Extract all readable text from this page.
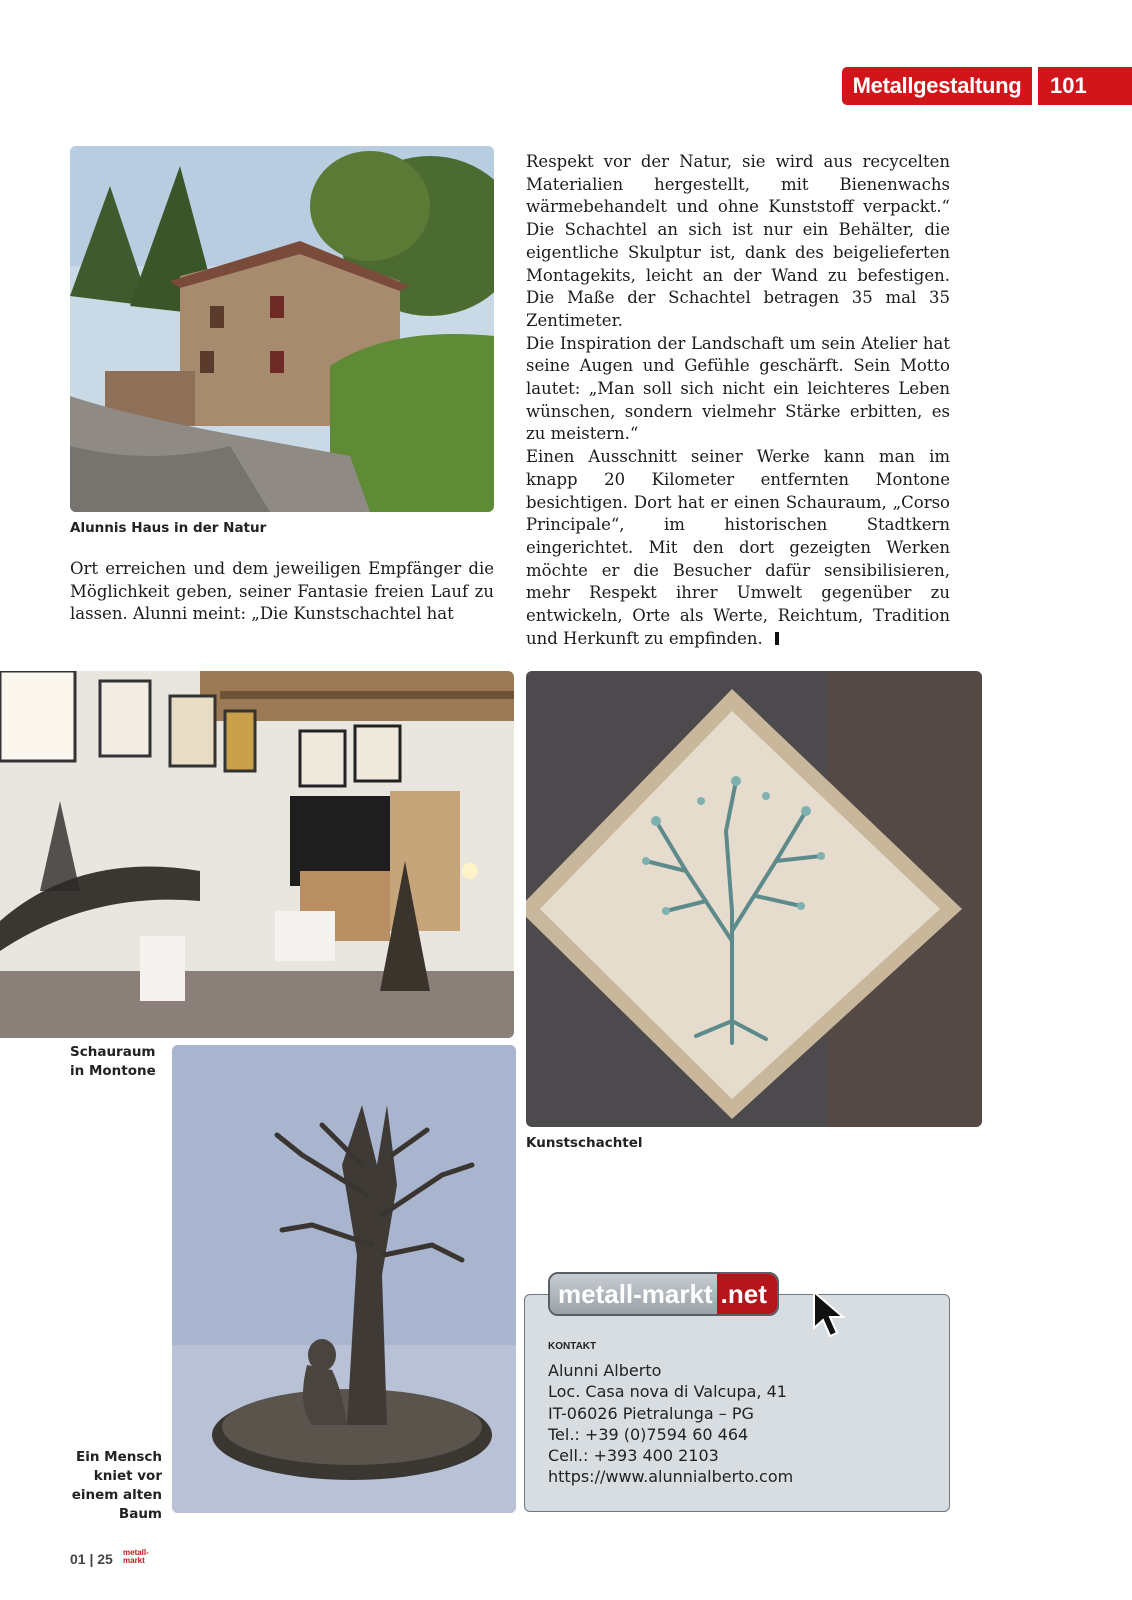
Metallgestaltung	101
Alunnis Haus in der Natur

Ort erreichen und dem jeweiligen Empfänger die Möglichkeit geben, seiner Fantasie freien Lauf zu lassen. Alunni meint: „Die Kunstschachtel hat

Respekt vor der Natur, sie wird aus recycelten Materialien hergestellt, mit Bienenwachs wärmebehandelt und ohne Kunststoff verpackt.“ Die Schachtel an sich ist nur ein Behälter, die eigentliche Skulptur ist, dank des beigelieferten Montagekits, leicht an der Wand zu befestigen. Die Maße der Schachtel betragen 35 mal 35 Zentimeter.

Die Inspiration der Landschaft um sein Atelier hat seine Augen und Gefühle geschärft. Sein Motto lautet: „Man soll sich nicht ein leichteres Leben wünschen, sondern vielmehr Stärke erbitten, es zu meistern.“

Einen Ausschnitt seiner Werke kann man im knapp 20 Kilometer entfernten Montone besichtigen. Dort hat er einen Schauraum, „Corso Principale“, im historischen Stadtkern eingerichtet. Mit den dort gezeigten Werken möchte er die Besucher dafür sensibilisieren, mehr Respekt ihrer Umwelt gegenüber zu entwickeln, Orte als Werte, Reichtum, Tradition und Herkunft zu empfinden.

Kunstschachtel
Schauraum
in Montone
Ein Mensch
kniet vor
einem alten
Baum
metall-markt .net
KONTAKT
Alunni Alberto
Loc. Casa nova di Valcupa, 41
IT-06026 Pietralunga – PG
Tel.: +39 (0)7594 60 464
Cell.: +393 400 2103
https://www.alunnialberto.com
01 | 25 metall-
markt
